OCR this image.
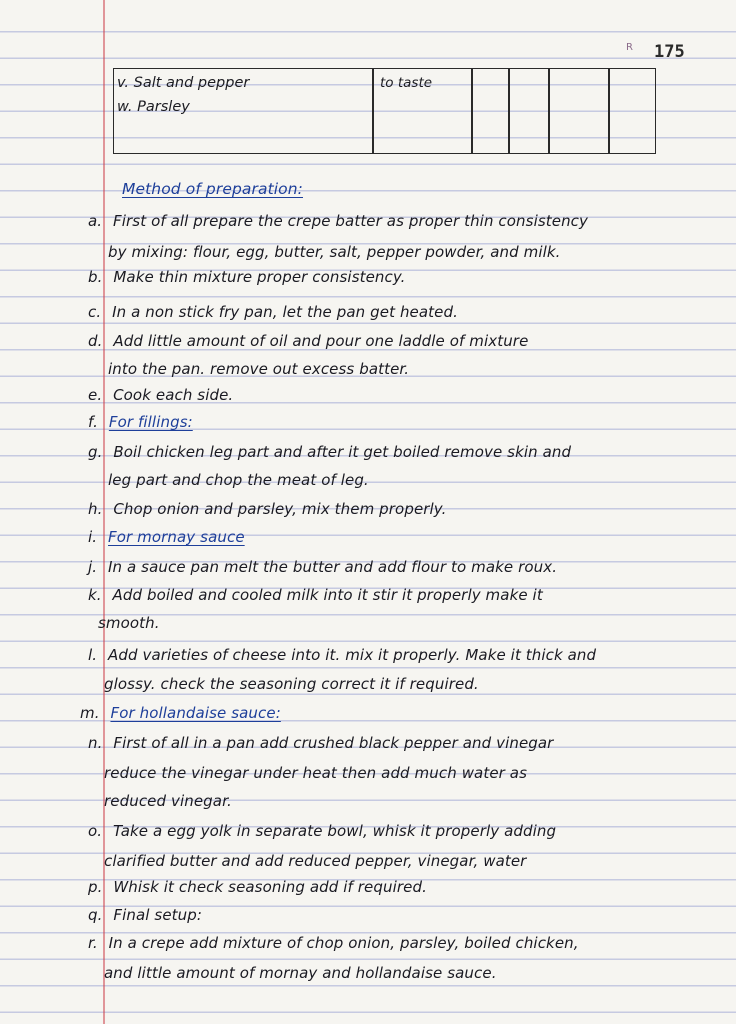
R 175
v. Salt and pepper
w. Parsley
to taste
Method of preparation:
a. First of all prepare the crepe batter as proper thin consistency
by mixing: flour, egg, butter, salt, pepper powder, and milk.
b. Make thin mixture proper consistency.
c. In a non stick fry pan, let the pan get heated.
d. Add little amount of oil and pour one laddle of mixture
into the pan. remove out excess batter.
e. Cook each side.
f. For fillings:
g. Boil chicken leg part and after it get boiled remove skin and
leg part and chop the meat of leg.
h. Chop onion and parsley, mix them properly.
i. For mornay sauce
j. In a sauce pan melt the butter and add flour to make roux.
k. Add boiled and cooled milk into it stir it properly make it
smooth.
l. Add varieties of cheese into it. mix it properly. Make it thick and
glossy. check the seasoning correct it if required.
m. For hollandaise sauce:
n. First of all in a pan add crushed black pepper and vinegar
reduce the vinegar under heat then add much water as
reduced vinegar.
o. Take a egg yolk in separate bowl, whisk it properly adding
clarified butter and add reduced pepper, vinegar, water
p. Whisk it check seasoning add if required.
q. Final setup:
r. In a crepe add mixture of chop onion, parsley, boiled chicken,
and little amount of mornay and hollandaise sauce.
